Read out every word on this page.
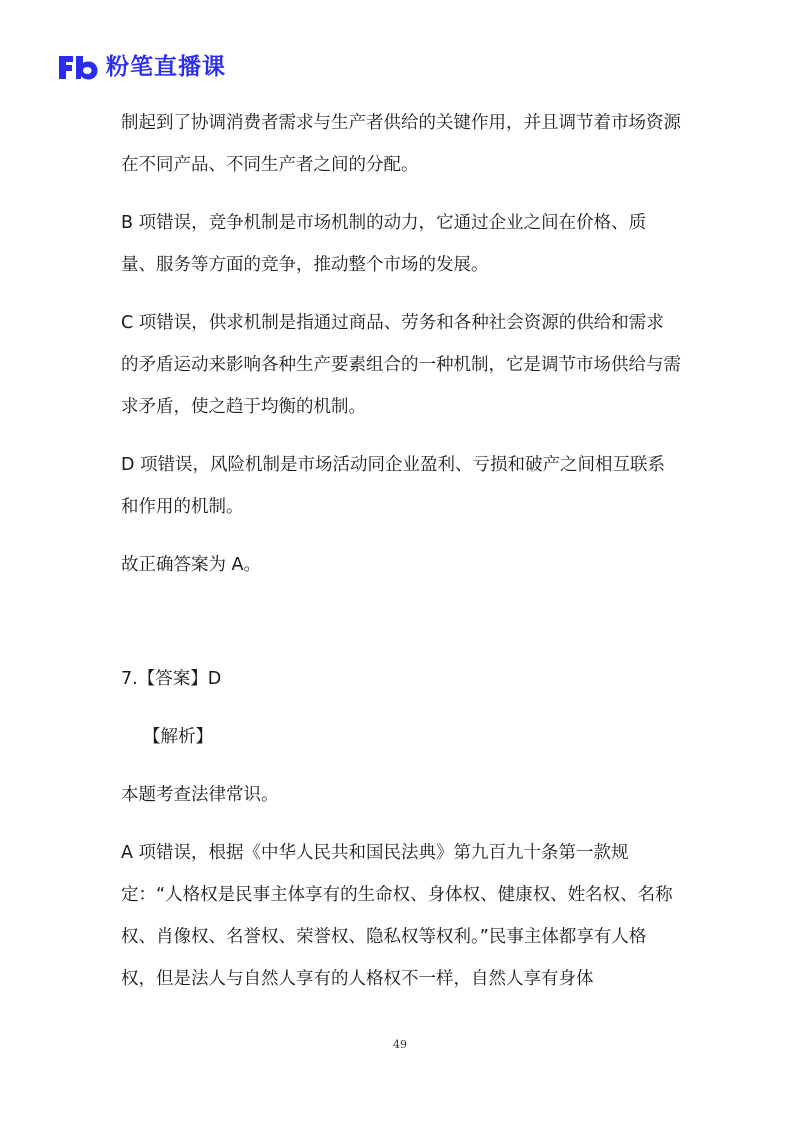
粉笔直播课

制起到了协调消费者需求与生产者供给的关键作用，并且调节着市场资源在不同产品、不同生产者之间的分配。

B 项错误，竞争机制是市场机制的动力，它通过企业之间在价格、质量、服务等方面的竞争，推动整个市场的发展。

C 项错误，供求机制是指通过商品、劳务和各种社会资源的供给和需求的矛盾运动来影响各种生产要素组合的一种机制，它是调节市场供给与需求矛盾，使之趋于均衡的机制。

D 项错误，风险机制是市场活动同企业盈利、亏损和破产之间相互联系和作用的机制。

故正确答案为 A。

7.【答案】D

【解析】

本题考查法律常识。

A 项错误，根据《中华人民共和国民法典》第九百九十条第一款规定：“人格权是民事主体享有的生命权、身体权、健康权、姓名权、名称权、肖像权、名誉权、荣誉权、隐私权等权利。”民事主体都享有人格权，但是法人与自然人享有的人格权不一样，自然人享有身体

49
